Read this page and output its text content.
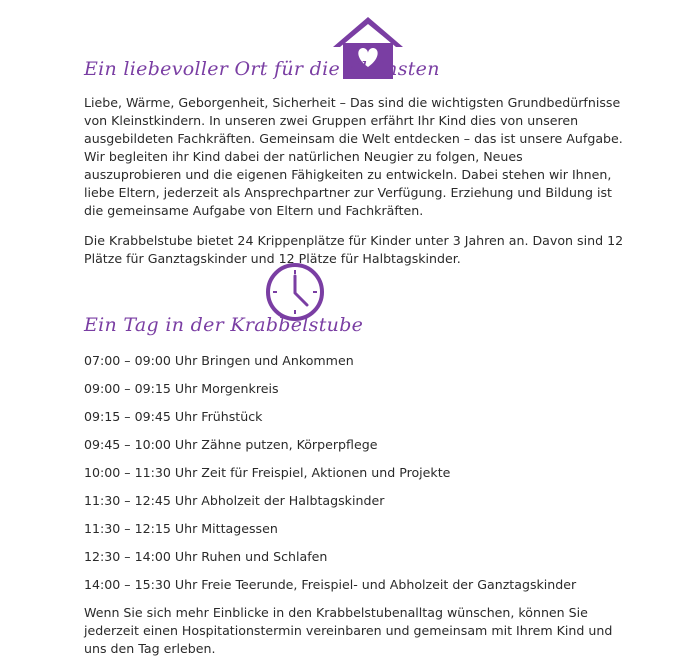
Ein liebevoller Ort für die Kleinsten

Liebe, Wärme, Geborgenheit, Sicherheit – Das sind die wichtigsten Grundbedürfnisse von Kleinstkindern. In unseren zwei Gruppen erfährt Ihr Kind dies von unseren ausgebildeten Fachkräften. Gemeinsam die Welt entdecken – das ist unsere Aufgabe. Wir begleiten ihr Kind dabei der natürlichen Neugier zu folgen, Neues auszuprobieren und die eigenen Fähigkeiten zu entwickeln. Dabei stehen wir Ihnen, liebe Eltern, jederzeit als Ansprechpartner zur Verfügung. Erziehung und Bildung ist die gemeinsame Aufgabe von Eltern und Fachkräften.

Die Krabbelstube bietet 24 Krippenplätze für Kinder unter 3 Jahren an. Davon sind 12 Plätze für Ganztagskinder und 12 Plätze für Halbtagskinder.

Ein Tag in der Krabbelstube
07:00 – 09:00 Uhr Bringen und Ankommen
09:00 – 09:15 Uhr Morgenkreis
09:15 – 09:45 Uhr Frühstück
09:45 – 10:00 Uhr Zähne putzen, Körperpflege
10:00 – 11:30 Uhr Zeit für Freispiel, Aktionen und Projekte
11:30 – 12:45 Uhr Abholzeit der Halbtagskinder
11:30 – 12:15 Uhr Mittagessen
12:30 – 14:00 Uhr Ruhen und Schlafen
14:00 – 15:30 Uhr Freie Teerunde, Freispiel- und Abholzeit der Ganztagskinder

Wenn Sie sich mehr Einblicke in den Krabbelstubenalltag wünschen, können Sie jederzeit einen Hospitationstermin vereinbaren und gemeinsam mit Ihrem Kind und uns den Tag erleben.
